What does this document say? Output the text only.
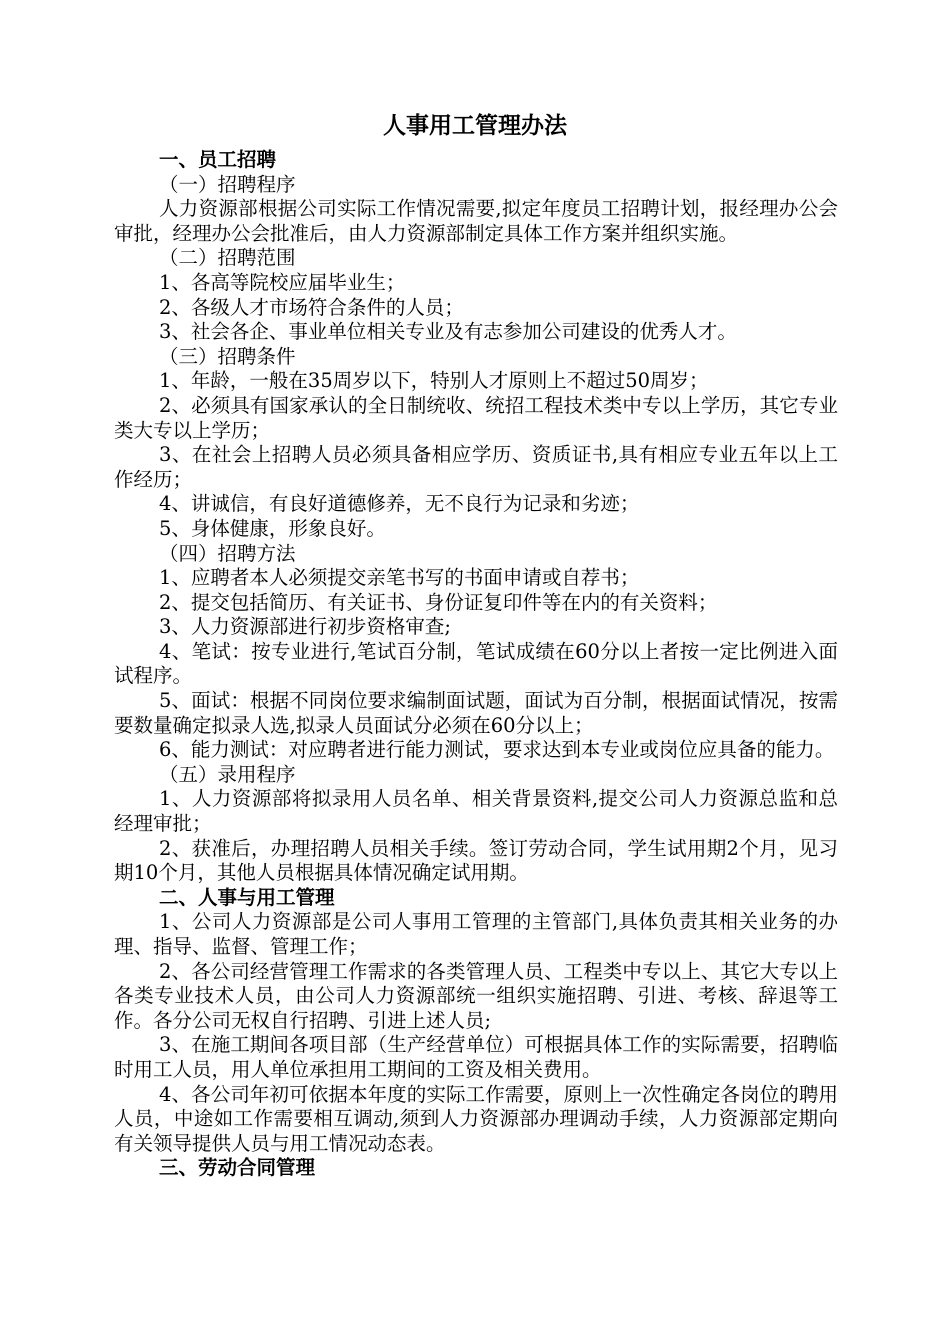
人事用工管理办法

一、员工招聘

（一）招聘程序

人力资源部根据公司实际工作情况需要,拟定年度员工招聘计划，报经理办公会审批，经理办公会批准后，由人力资源部制定具体工作方案并组织实施。

（二）招聘范围

1、各高等院校应届毕业生；

2、各级人才市场符合条件的人员；

3、社会各企、事业单位相关专业及有志参加公司建设的优秀人才。

（三）招聘条件

1、年龄，一般在35周岁以下，特别人才原则上不超过50周岁；

2、必须具有国家承认的全日制统收、统招工程技术类中专以上学历，其它专业类大专以上学历；

3、在社会上招聘人员必须具备相应学历、资质证书,具有相应专业五年以上工作经历；

4、讲诚信，有良好道德修养，无不良行为记录和劣迹；

5、身体健康，形象良好。

（四）招聘方法

1、应聘者本人必须提交亲笔书写的书面申请或自荐书；

2、提交包括简历、有关证书、身份证复印件等在内的有关资料；

3、人力资源部进行初步资格审查;

4、笔试：按专业进行,笔试百分制，笔试成绩在60分以上者按一定比例进入面试程序。

5、面试：根据不同岗位要求编制面试题，面试为百分制，根据面试情况，按需要数量确定拟录人选,拟录人员面试分必须在60分以上；

6、能力测试：对应聘者进行能力测试，要求达到本专业或岗位应具备的能力。

（五）录用程序

1、人力资源部将拟录用人员名单、相关背景资料,提交公司人力资源总监和总经理审批；

2、获准后，办理招聘人员相关手续。签订劳动合同，学生试用期2个月，见习期10个月，其他人员根据具体情况确定试用期。

二、人事与用工管理

1、公司人力资源部是公司人事用工管理的主管部门,具体负责其相关业务的办理、指导、监督、管理工作；

2、各公司经营管理工作需求的各类管理人员、工程类中专以上、其它大专以上各类专业技术人员，由公司人力资源部统一组织实施招聘、引进、考核、辞退等工作。各分公司无权自行招聘、引进上述人员;

3、在施工期间各项目部（生产经营单位）可根据具体工作的实际需要，招聘临时用工人员，用人单位承担用工期间的工资及相关费用。

4、各公司年初可依据本年度的实际工作需要，原则上一次性确定各岗位的聘用人员，中途如工作需要相互调动,须到人力资源部办理调动手续，人力资源部定期向有关领导提供人员与用工情况动态表。

三、劳动合同管理
